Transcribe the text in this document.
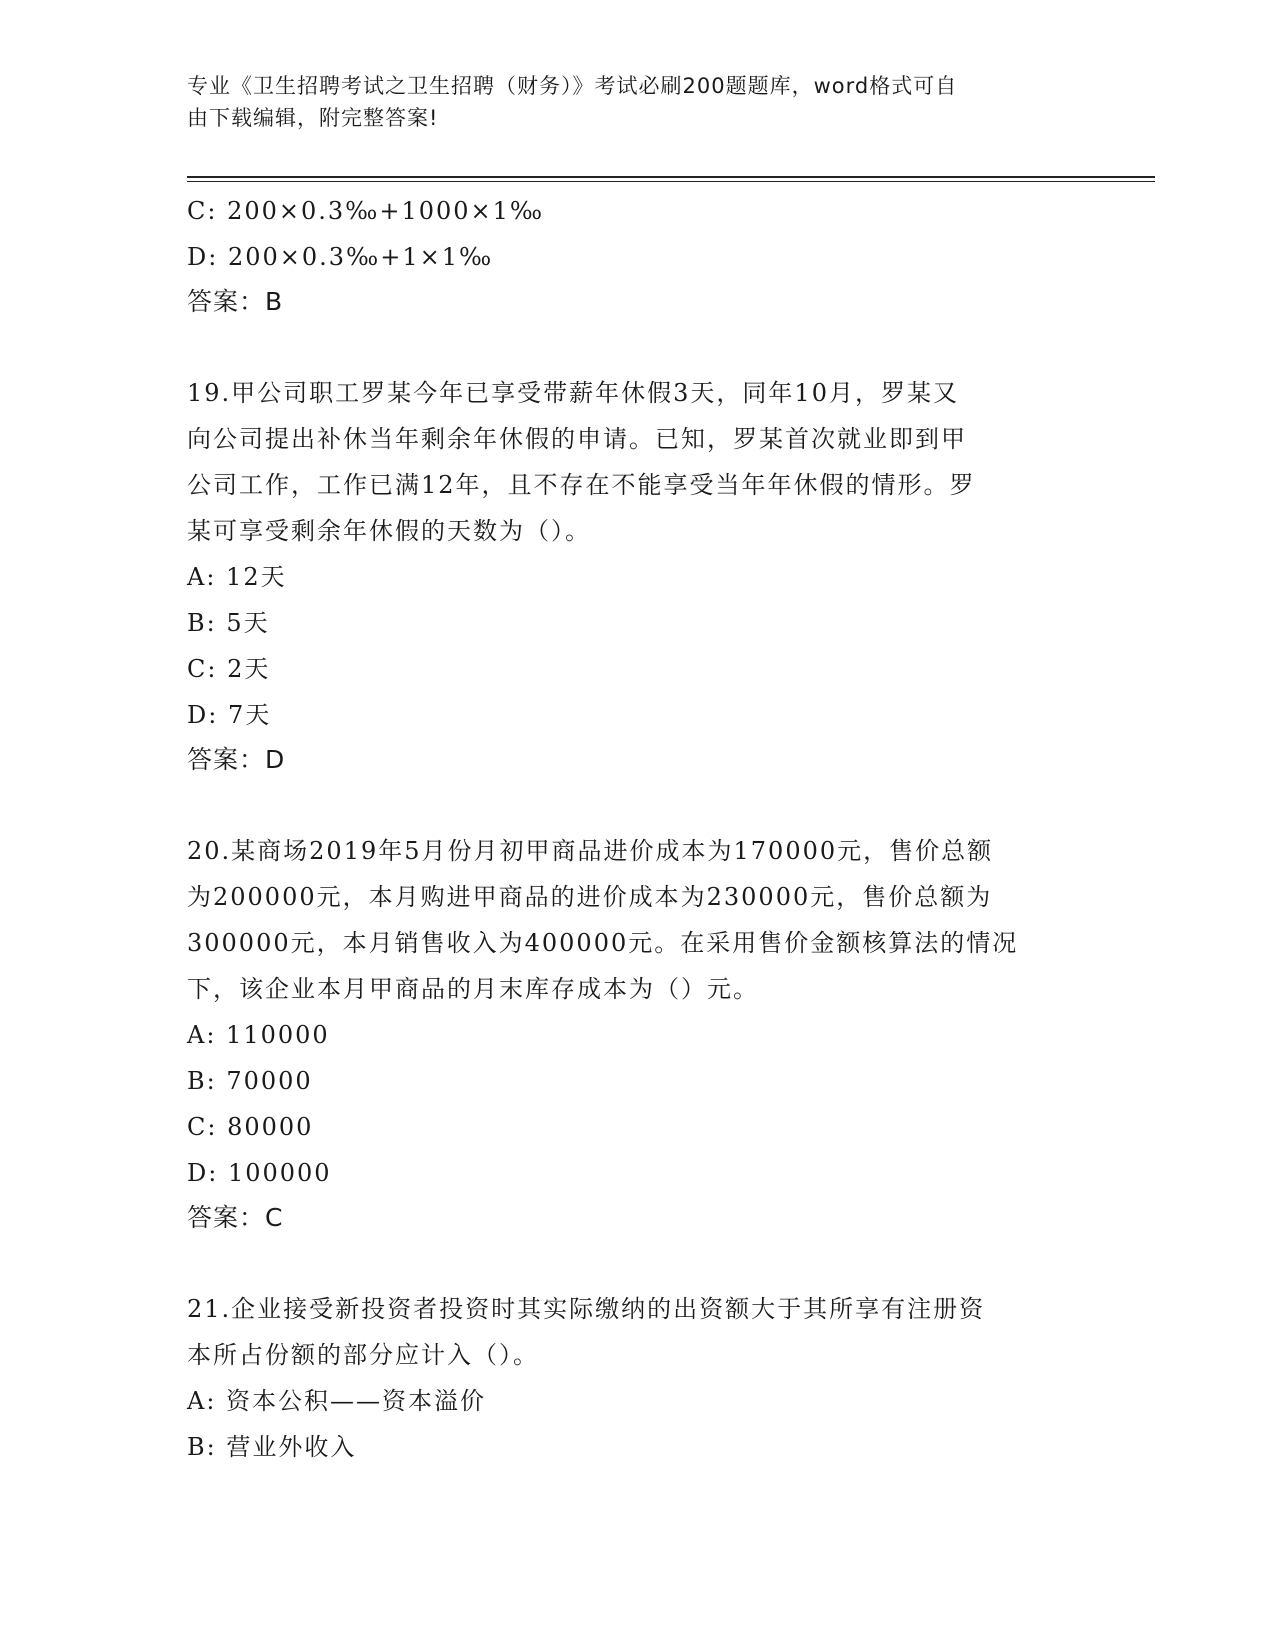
专业《卫生招聘考试之卫生招聘（财务）》考试必刷200题题库，word格式可自
由下载编辑，附完整答案!
C: 200×0.3‰+1000×1‰
D: 200×0.3‰+1×1‰
答案：B
19.甲公司职工罗某今年已享受带薪年休假3天，同年10月，罗某又
向公司提出补休当年剩余年休假的申请。已知，罗某首次就业即到甲
公司工作，工作已满12年，且不存在不能享受当年年休假的情形。罗
某可享受剩余年休假的天数为（）。
A: 12天
B: 5天
C: 2天
D: 7天
答案：D
20.某商场2019年5月份月初甲商品进价成本为170000元，售价总额
为200000元，本月购进甲商品的进价成本为230000元，售价总额为
300000元，本月销售收入为400000元。在采用售价金额核算法的情况
下，该企业本月甲商品的月末库存成本为（）元。
A: 110000
B: 70000
C: 80000
D: 100000
答案：C
21.企业接受新投资者投资时其实际缴纳的出资额大于其所享有注册资
本所占份额的部分应计入（）。
A: 资本公积——资本溢价
B: 营业外收入
